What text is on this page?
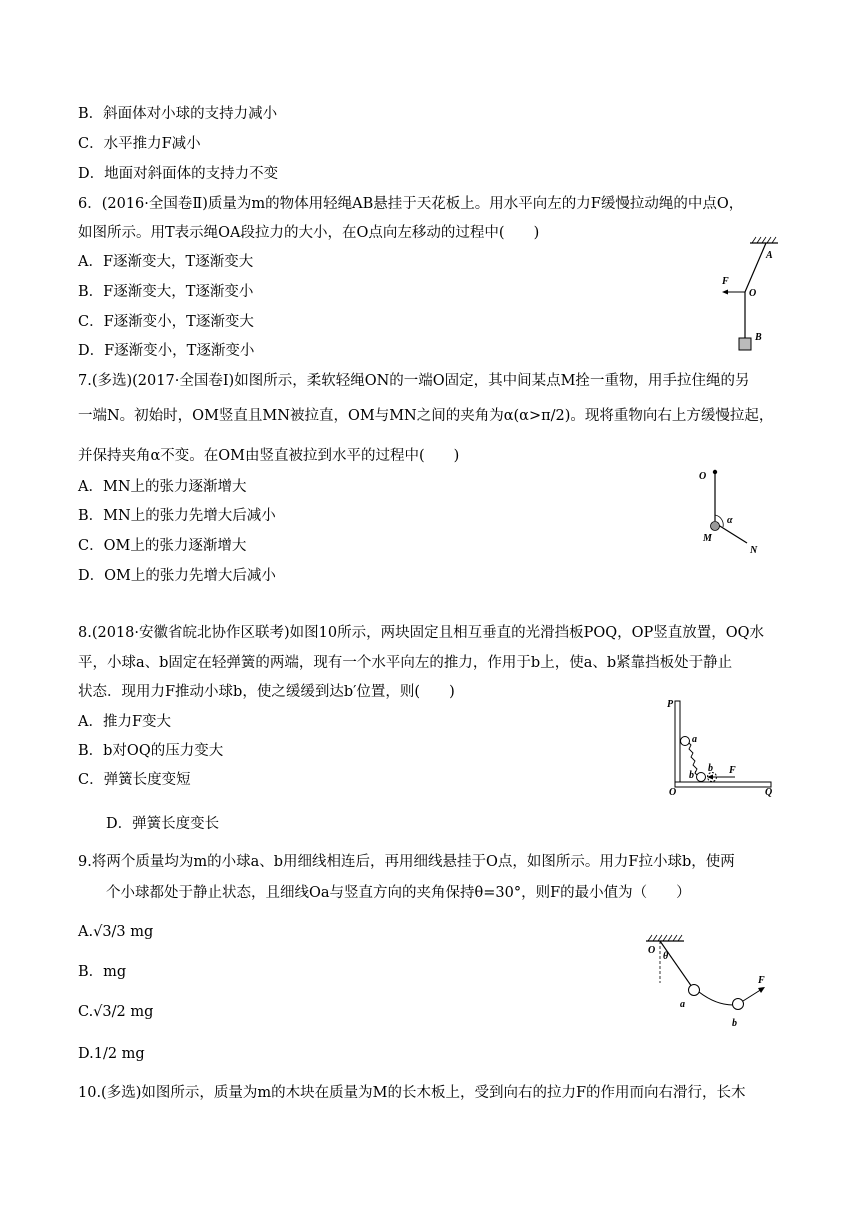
B．斜面体对小球的支持力减小
C．水平推力F减小
D．地面对斜面体的支持力不变
6．(2016·全国卷Ⅱ)质量为m的物体用轻绳AB悬挂于天花板上。用水平向左的力F缓慢拉动绳的中点O，
如图所示。用T表示绳OA段拉力的大小，在O点向左移动的过程中(　　)
A．F逐渐变大，T逐渐变大
B．F逐渐变大，T逐渐变小
C．F逐渐变小，T逐渐变大
D．F逐渐变小，T逐渐变小
7.(多选)(2017·全国卷Ⅰ)如图所示，柔软轻绳ON的一端O固定，其中间某点M拴一重物，用手拉住绳的另
一端N。初始时，OM竖直且MN被拉直，OM与MN之间的夹角为α(α>π/2)。现将重物向右上方缓慢拉起，
并保持夹角α不变。在OM由竖直被拉到水平的过程中(　　)
A．MN上的张力逐渐增大
B．MN上的张力先增大后减小
C．OM上的张力逐渐增大
D．OM上的张力先增大后减小
8.(2018·安徽省皖北协作区联考)如图10所示，两块固定且相互垂直的光滑挡板POQ，OP竖直放置，OQ水
平，小球a、b固定在轻弹簧的两端，现有一个水平向左的推力，作用于b上，使a、b紧靠挡板处于静止
状态．现用力F推动小球b，使之缓缓到达b′位置，则(　　)
A．推力F变大
B．b对OQ的压力变大
C．弹簧长度变短
D．弹簧长度变长
9.将两个质量均为m的小球a、b用细线相连后，再用细线悬挂于O点，如图所示。用力F拉小球b，使两
个小球都处于静止状态，且细线Oa与竖直方向的夹角保持θ=30°，则F的最小值为（　　）
A.√3/3 mg
B．mg
C.√3/2 mg
D.1/2 mg
10.(多选)如图所示，质量为m的木块在质量为M的长木板上，受到向右的拉力F的作用而向右滑行，长木
A
F
O
B
O
α
M
N
P
a
b′
b F
O	Q
O
θ
a
b
F
